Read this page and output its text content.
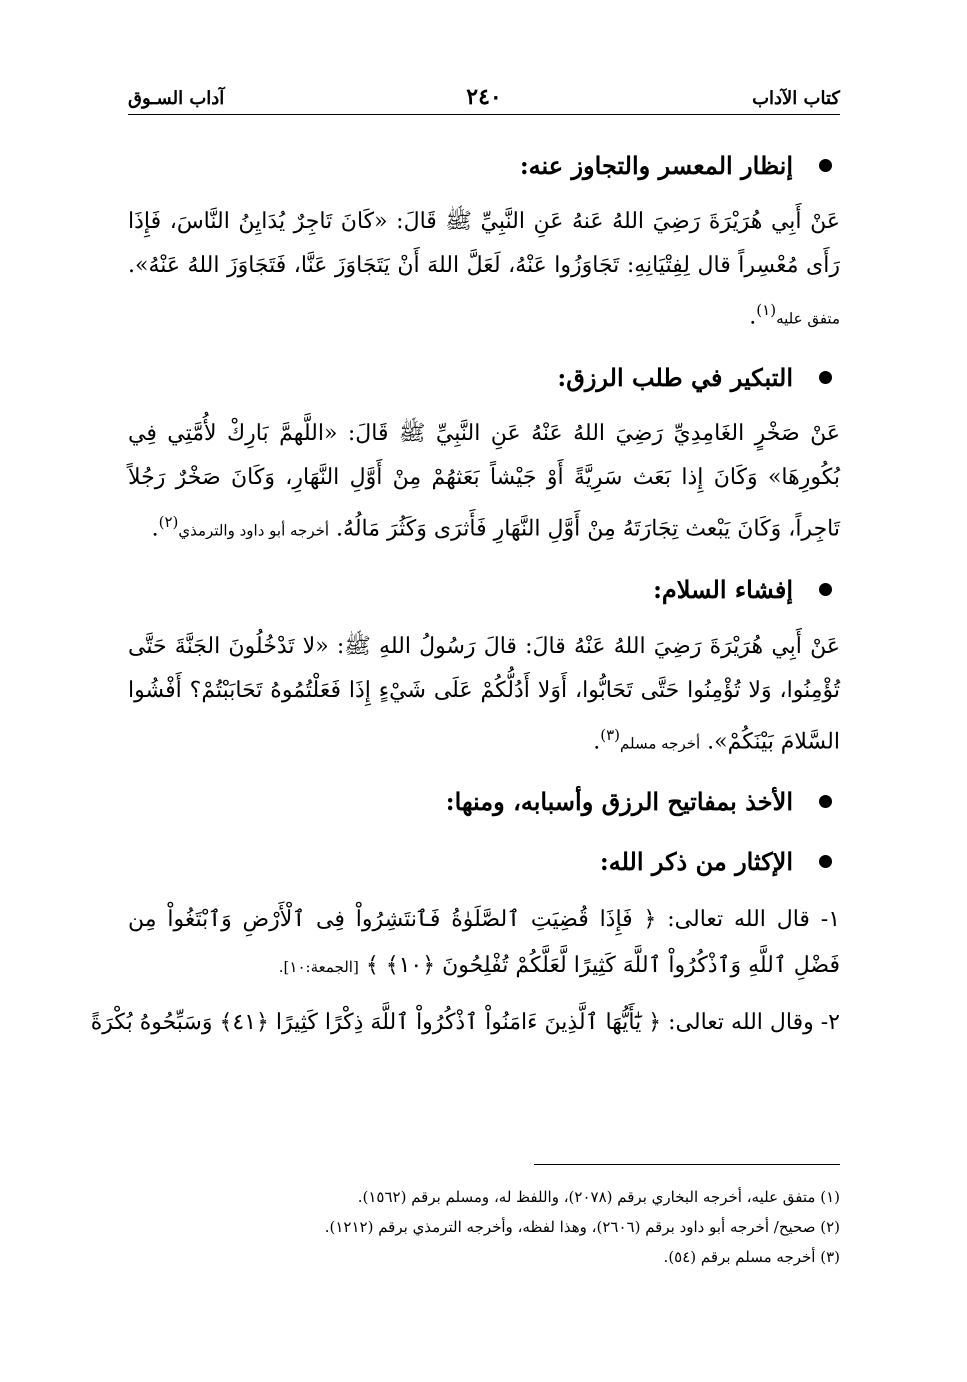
كتاب الآداب
٢٤٠
آداب السـوق
إنظار المعسر والتجاوز عنه:

عَنْ أَبِي هُرَيْرَةَ رَضِيَ اللهُ عَنهُ عَنِ النَّبِيِّ ﷺ قَالَ: «كَانَ تَاجِرٌ يُدَايِنُ النَّاسَ، فَإِذَا رَأَى مُعْسِراً قال لِفِتْيَانِهِ: تَجَاوَزُوا عَنْهُ، لَعَلَّ اللهَ أَنْ يَتَجَاوَزَ عَنَّا، فَتَجَاوَزَ اللهُ عَنْهُ». متفق عليه$^{(١)}$.

التبكير في طلب الرزق:

عَنْ صَخْرٍ الغَامِدِيِّ رَضِيَ اللهُ عَنْهُ عَنِ النَّبِيِّ ﷺ قَالَ: «اللَّهمَّ بَارِكْ لأُمَّتِي فِي بُكُورِهَا» وَكَانَ إِذا بَعَث سَرِيَّةً أَوْ جَيْشاً بَعَثهُمْ مِنْ أَوَّلِ النَّهَارِ، وَكَانَ صَخْرٌ رَجُلاً تَاجِراً، وَكَانَ يَبْعث تِجَارَتَهُ مِنْ أَوَّلِ النَّهَارِ فَأَثرَى وَكَثُرَ مَالُهُ. أخرجه أبو داود والترمذي$^{(٢)}$.

إفشاء السلام:

عَنْ أَبِي هُرَيْرَةَ رَضِيَ اللهُ عَنْهُ قالَ: قالَ رَسُولُ اللهِ ﷺ: «لا تَدْخُلُونَ الجَنَّةَ حَتَّى تُؤْمِنُوا، وَلا تُؤْمِنُوا حَتَّى تَحَابُّوا، أَوَلا أَدُلُّكُمْ عَلَى شَيْءٍ إِذَا فَعَلْتُمُوهُ تَحَابَبْتُمْ؟ أَفْشُوا السَّلامَ بَيْنَكُمْ». أخرجه مسلم$^{(٣)}$.

الأخذ بمفاتيح الرزق وأسبابه، ومنها:
الإكثار من ذكر الله:

١- قال الله تعالى: ﴿ فَإِذَا قُضِيَتِ ٱلصَّلَوٰةُ فَٱنتَشِرُواْ فِى ٱلْأَرْضِ وَٱبْتَغُواْ مِن فَضْلِ ٱللَّهِ وَٱذْكُرُواْ ٱللَّهَ كَثِيرًا لَّعَلَّكُمْ تُفْلِحُونَ ﴿١٠﴾ ﴾ [الجمعة:١٠].

٢- وقال الله تعالى: ﴿ يَٰٓأَيُّهَا ٱلَّذِينَ ءَامَنُواْ ٱذْكُرُواْ ٱللَّهَ ذِكْرًا كَثِيرًا ﴿٤١﴾ وَسَبِّحُوهُ بُكْرَةً

(١) متفق عليه، أخرجه البخاري برقم (٢٠٧٨)، واللفظ له، ومسلم برقم (١٥٦٢).
(٢) صحيح/ أخرجه أبو داود برقم (٢٦٠٦)، وهذا لفظه، وأخرجه الترمذي برقم (١٢١٢).
(٣) أخرجه مسلم برقم (٥٤).
